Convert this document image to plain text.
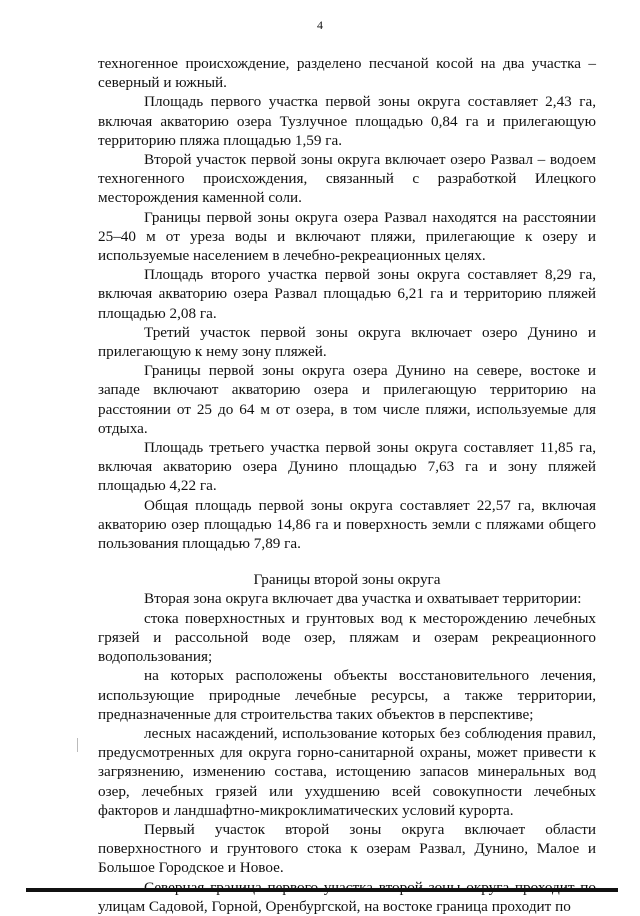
4

техногенное происхождение, разделено песчаной косой на два участка – северный и южный.

Площадь первого участка первой зоны округа составляет 2,43 га, включая акваторию озера Тузлучное площадью 0,84 га и прилегающую территорию пляжа площадью 1,59 га.

Второй участок первой зоны округа включает озеро Развал – водоем техногенного происхождения, связанный с разработкой Илецкого месторождения каменной соли.

Границы первой зоны округа озера Развал находятся на расстоянии 25–40 м от уреза воды и включают пляжи, прилегающие к озеру и используемые населением в лечебно-рекреационных целях.

Площадь второго участка первой зоны округа составляет 8,29 га, включая акваторию озера Развал площадью 6,21 га и территорию пляжей площадью 2,08 га.

Третий участок первой зоны округа включает озеро Дунино и прилегающую к нему зону пляжей.

Границы первой зоны округа озера Дунино на севере, востоке и западе включают акваторию озера и прилегающую территорию на расстоянии от 25 до 64 м от озера, в том числе пляжи, используемые для отдыха.

Площадь третьего участка первой зоны округа составляет 11,85 га, включая акваторию озера Дунино площадью 7,63 га и зону пляжей площадью 4,22 га.

Общая площадь первой зоны округа составляет 22,57 га, включая акваторию озер площадью 14,86 га и поверхность земли с пляжами общего пользования площадью 7,89 га.

Границы второй зоны округа

Вторая зона округа включает два участка и охватывает территории:

стока поверхностных и грунтовых вод к месторождению лечебных грязей и рассольной воде озер, пляжам и озерам рекреационного водопользования;

на которых расположены объекты восстановительного лечения, использующие природные лечебные ресурсы, а также территории, предназначенные для строительства таких объектов в перспективе;

лесных насаждений, использование которых без соблюдения правил, предусмотренных для округа горно-санитарной охраны, может привести к загрязнению, изменению состава, истощению запасов минеральных вод озер, лечебных грязей или ухудшению всей совокупности лечебных факторов и ландшафтно-микроклиматических условий курорта.

Первый участок второй зоны округа включает области поверхностного и грунтового стока к озерам Развал, Дунино, Малое и Большое Городское и Новое.

улицам Садовой, Горной, Оренбургской, на востоке граница проходит по
